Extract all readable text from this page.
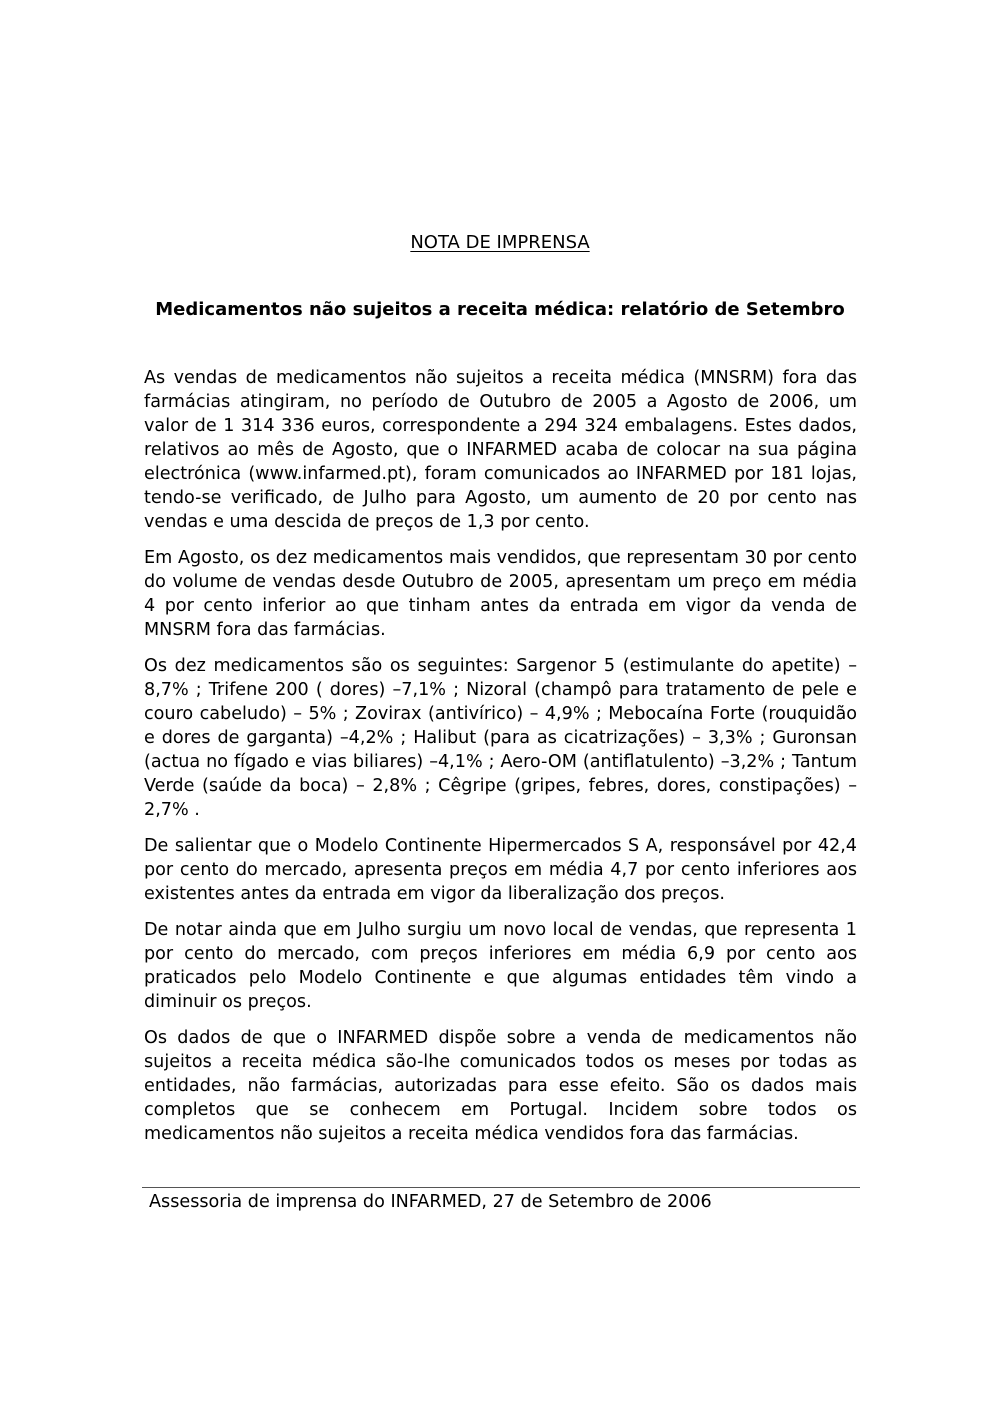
NOTA DE IMPRENSA
Medicamentos não sujeitos a receita médica: relatório de Setembro

As vendas de medicamentos não sujeitos a receita médica (MNSRM) fora das farmácias atingiram, no período de Outubro de 2005 a Agosto de 2006, um valor de 1 314 336 euros, correspondente a 294 324 embalagens. Estes dados, relativos ao mês de Agosto, que o INFARMED acaba de colocar na sua página electrónica (www.infarmed.pt), foram comunicados ao INFARMED por 181 lojas, tendo-se verificado, de Julho para Agosto, um aumento de 20 por cento nas vendas e uma descida de preços de 1,3 por cento.

Em Agosto, os dez medicamentos mais vendidos, que representam 30 por cento do volume de vendas desde Outubro de 2005, apresentam um preço em média 4 por cento inferior ao que tinham antes da entrada em vigor da venda de MNSRM fora das farmácias.

Os dez medicamentos são os seguintes: Sargenor 5 (estimulante do apetite) – 8,7% ; Trifene 200 ( dores) –7,1% ; Nizoral (champô para tratamento de pele e couro cabeludo) – 5% ; Zovirax (antivírico) – 4,9% ; Mebocaína Forte (rouquidão e dores de garganta) –4,2% ; Halibut (para as cicatrizações) – 3,3% ; Guronsan (actua no fígado e vias biliares) –4,1% ; Aero-OM (antiflatulento) –3,2% ; Tantum Verde (saúde da boca) – 2,8% ; Cêgripe (gripes, febres, dores, constipações) – 2,7% .

De salientar que o Modelo Continente Hipermercados S A, responsável por 42,4 por cento do mercado, apresenta preços em média 4,7 por cento inferiores aos existentes antes da entrada em vigor da liberalização dos preços.

De notar ainda que em Julho surgiu um novo local de vendas, que representa 1 por cento do mercado, com preços inferiores em média 6,9 por cento aos praticados pelo Modelo Continente e que algumas entidades têm vindo a diminuir os preços.

Os dados de que o INFARMED dispõe sobre a venda de medicamentos não sujeitos a receita médica são-lhe comunicados todos os meses por todas as entidades, não farmácias, autorizadas para esse efeito. São os dados mais completos que se conhecem em Portugal. Incidem sobre todos os medicamentos não sujeitos a receita médica vendidos fora das farmácias.

Assessoria de imprensa do INFARMED, 27 de Setembro de 2006
